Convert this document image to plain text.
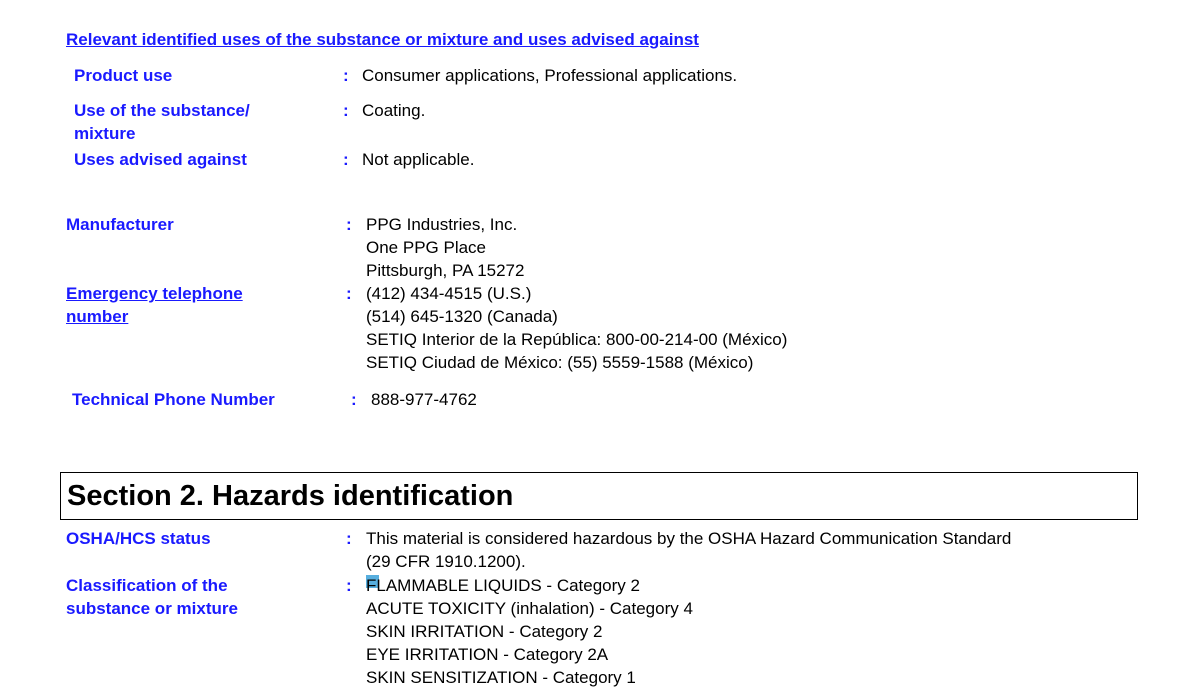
Relevant identified uses of the substance or mixture and uses advised against
Product use	: Consumer applications, Professional applications.
Use of the substance/
mixture
: Coating.
Uses advised against	: Not applicable.
Manufacturer	: PPG Industries, Inc.
One PPG Place
Pittsburgh, PA 15272
Emergency telephone
number
: (412) 434-4515 (U.S.)
(514) 645-1320 (Canada)
SETIQ Interior de la República: 800-00-214-00 (México)
SETIQ Ciudad de México: (55) 5559-1588 (México)
Technical Phone Number	: 888-977-4762
Section 2. Hazards identification
OSHA/HCS status	: This material is considered hazardous by the OSHA Hazard Communication Standard
(29 CFR 1910.1200).
Classification of the
substance or mixture
: FLAMMABLE LIQUIDS - Category 2
ACUTE TOXICITY (inhalation) - Category 4
SKIN IRRITATION - Category 2
EYE IRRITATION - Category 2A
SKIN SENSITIZATION - Category 1
